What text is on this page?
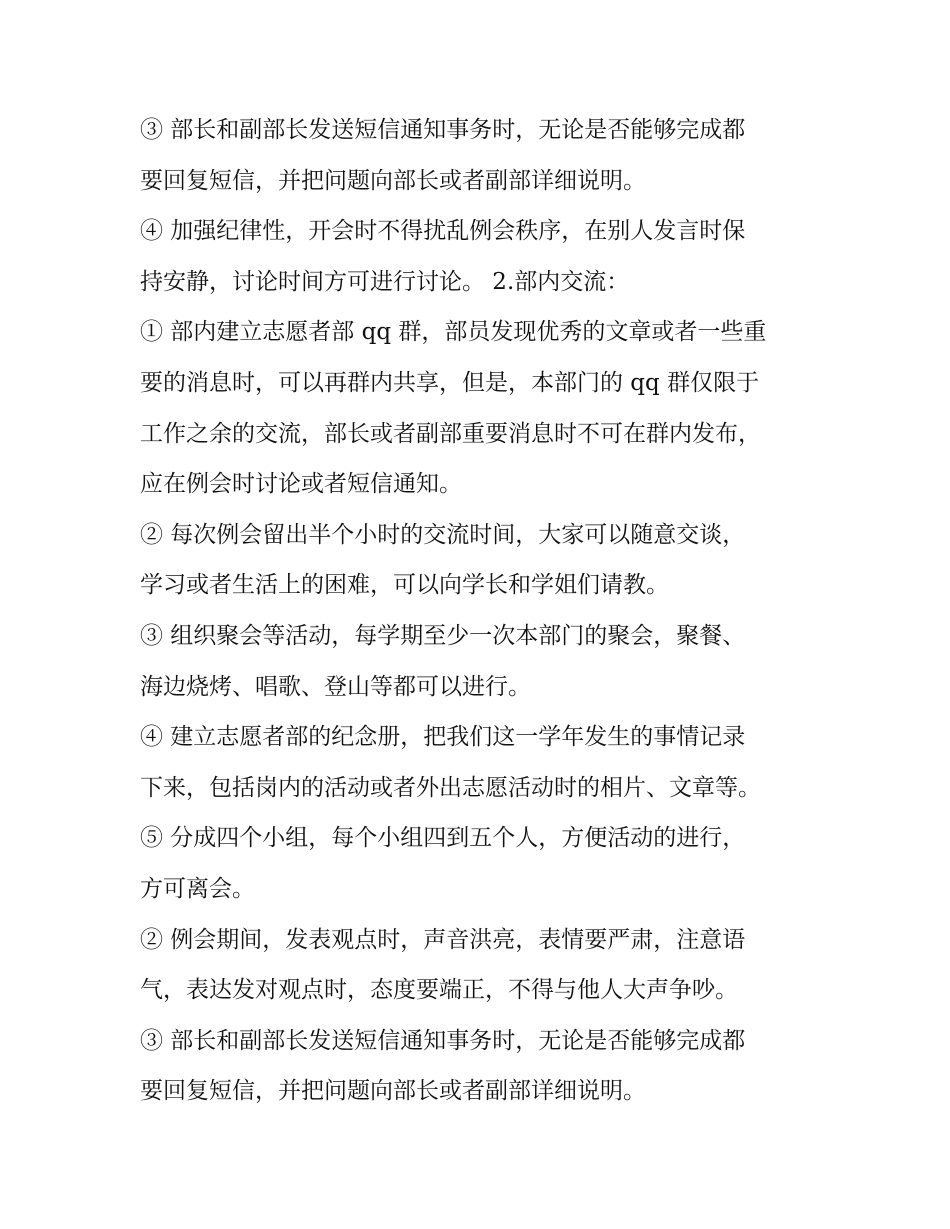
③ 部长和副部长发送短信通知事务时，无论是否能够完成都

要回复短信，并把问题向部长或者副部详细说明。

④ 加强纪律性，开会时不得扰乱例会秩序，在别人发言时保

持安静，讨论时间方可进行讨论。 2.部内交流：

① 部内建立志愿者部 qq 群，部员发现优秀的文章或者一些重

要的消息时，可以再群内共享，但是，本部门的 qq 群仅限于

工作之余的交流，部长或者副部重要消息时不可在群内发布，

应在例会时讨论或者短信通知。

② 每次例会留出半个小时的交流时间，大家可以随意交谈，

学习或者生活上的困难，可以向学长和学姐们请教。

③ 组织聚会等活动，每学期至少一次本部门的聚会，聚餐、

海边烧烤、唱歌、登山等都可以进行。

④ 建立志愿者部的纪念册，把我们这一学年发生的事情记录

下来，包括岗内的活动或者外出志愿活动时的相片、文章等。

⑤ 分成四个小组，每个小组四到五个人，方便活动的进行，

方可离会。

② 例会期间，发表观点时，声音洪亮，表情要严肃，注意语

气，表达发对观点时，态度要端正，不得与他人大声争吵。

③ 部长和副部长发送短信通知事务时，无论是否能够完成都

要回复短信，并把问题向部长或者副部详细说明。
